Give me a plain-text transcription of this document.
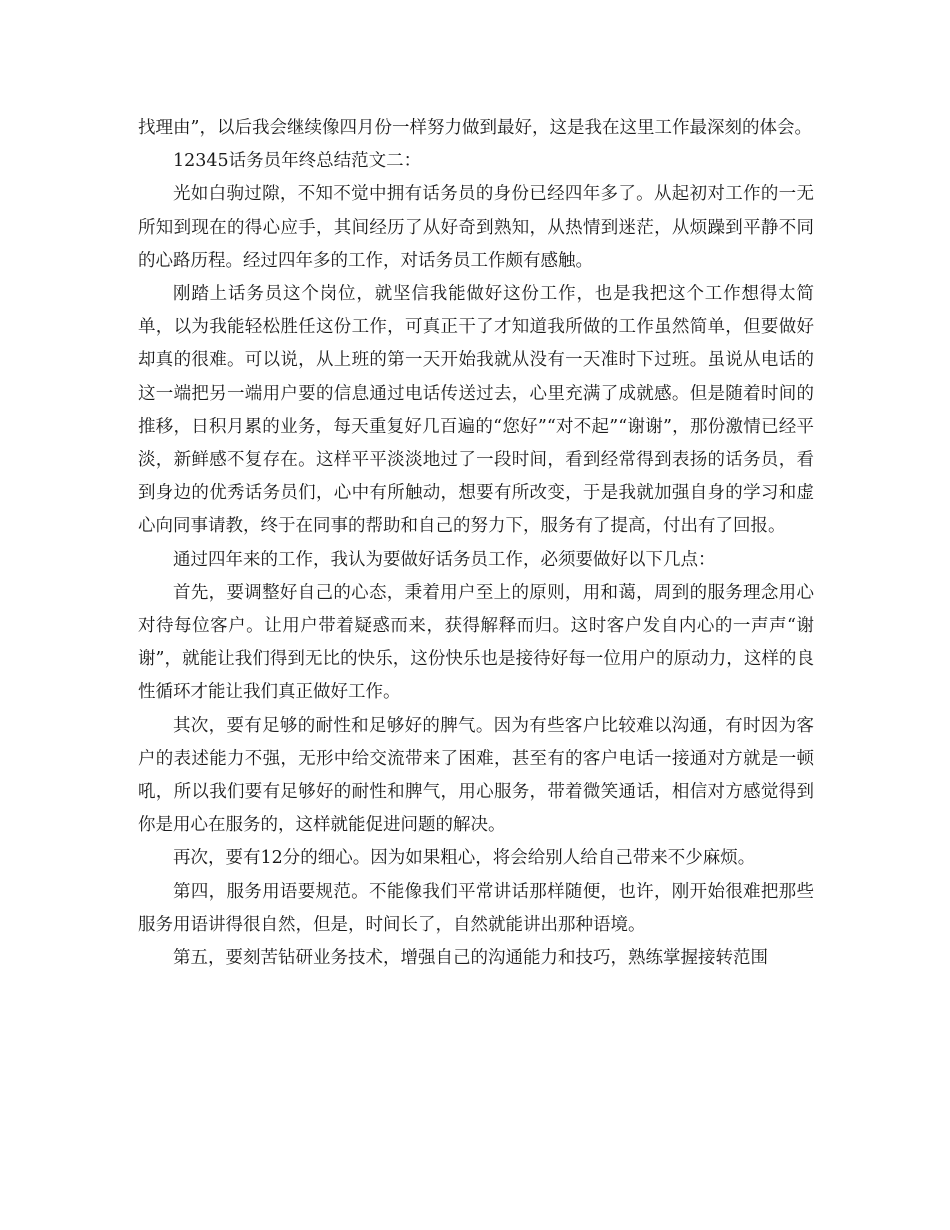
找理由”，以后我会继续像四月份一样努力做到最好，这是我在这里工作最深刻的体会。

12345话务员年终总结范文二：

光如白驹过隙，不知不觉中拥有话务员的身份已经四年多了。从起初对工作的一无所知到现在的得心应手，其间经历了从好奇到熟知，从热情到迷茫，从烦躁到平静不同的心路历程。经过四年多的工作，对话务员工作颇有感触。

刚踏上话务员这个岗位，就坚信我能做好这份工作，也是我把这个工作想得太简单，以为我能轻松胜任这份工作，可真正干了才知道我所做的工作虽然简单，但要做好却真的很难。可以说，从上班的第一天开始我就从没有一天准时下过班。虽说从电话的这一端把另一端用户要的信息通过电话传送过去，心里充满了成就感。但是随着时间的推移，日积月累的业务，每天重复好几百遍的“您好”“对不起”“谢谢”，那份激情已经平淡，新鲜感不复存在。这样平平淡淡地过了一段时间，看到经常得到表扬的话务员，看到身边的优秀话务员们，心中有所触动，想要有所改变，于是我就加强自身的学习和虚心向同事请教，终于在同事的帮助和自己的努力下，服务有了提高，付出有了回报。

通过四年来的工作，我认为要做好话务员工作，必须要做好以下几点：

首先，要调整好自己的心态，秉着用户至上的原则，用和蔼，周到的服务理念用心对待每位客户。让用户带着疑惑而来，获得解释而归。这时客户发自内心的一声声“谢谢”，就能让我们得到无比的快乐，这份快乐也是接待好每一位用户的原动力，这样的良性循环才能让我们真正做好工作。

其次，要有足够的耐性和足够好的脾气。因为有些客户比较难以沟通，有时因为客户的表述能力不强，无形中给交流带来了困难，甚至有的客户电话一接通对方就是一顿吼，所以我们要有足够好的耐性和脾气，用心服务，带着微笑通话，相信对方感觉得到你是用心在服务的，这样就能促进问题的解决。

再次，要有12分的细心。因为如果粗心，将会给别人给自己带来不少麻烦。

第四，服务用语要规范。不能像我们平常讲话那样随便，也许，刚开始很难把那些服务用语讲得很自然，但是，时间长了，自然就能讲出那种语境。

第五，要刻苦钻研业务技术，增强自己的沟通能力和技巧，熟练掌握接转范围
